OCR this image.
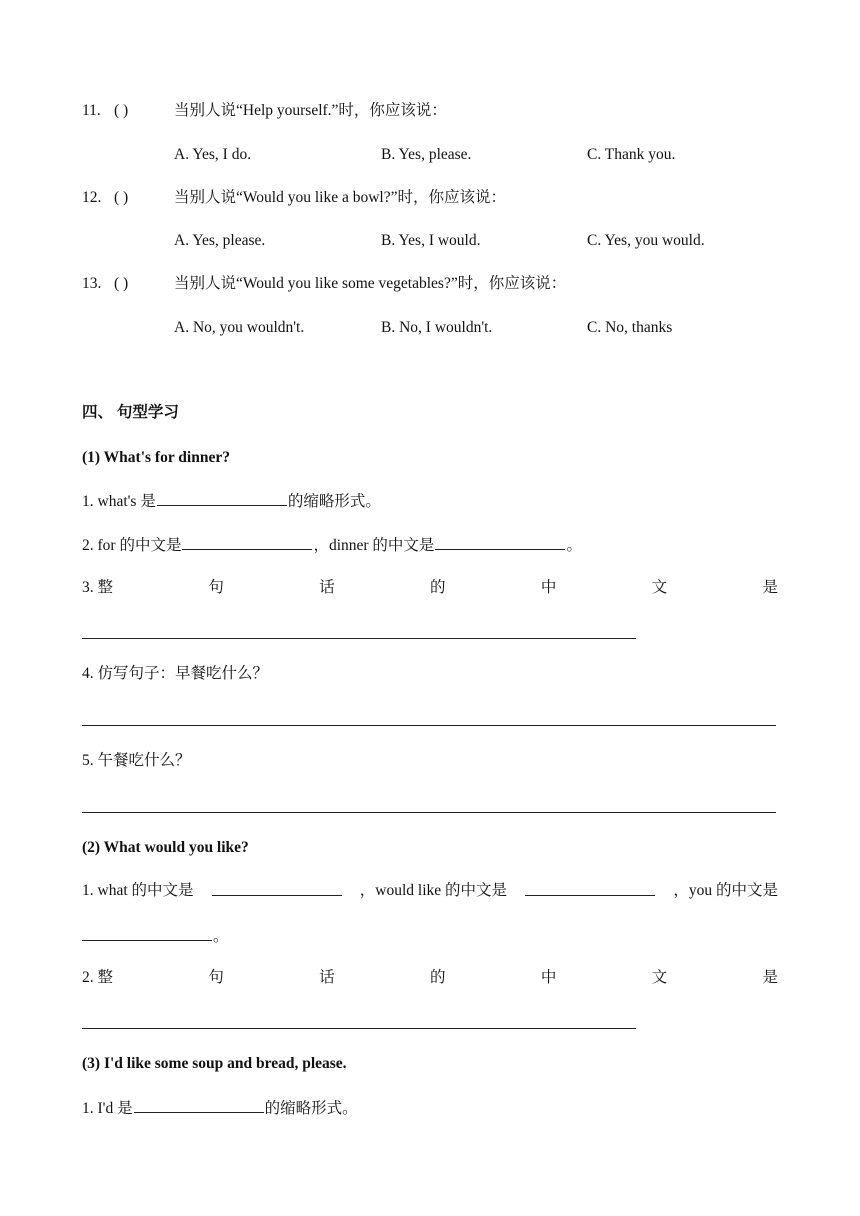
11. ( )	当别人说“Help yourself.”时，你应该说：
A. Yes, I do.	B. Yes, please.	C. Thank you.
12. ( )	当别人说“Would you like a bowl?”时，你应该说：
A. Yes, please.	B. Yes, I would.	C. Yes, you would.
13. ( )	当别人说“Would you like some vegetables?”时，你应该说：
A. No, you wouldn't.	B. No, I wouldn't.	C. No, thanks
四、 句型学习
(1) What's for dinner?
1. what's 是	的缩略形式。
2. for 的中文是	，dinner 的中文是	。
3. 整	句	话	的	中	文	是
4. 仿写句子：早餐吃什么？
5. 午餐吃什么？
(2) What would you like?
1. what 的中文是	，would like 的中文是	，you 的中文是
。
2. 整	句	话	的	中	文	是
(3) I'd like some soup and bread, please.
1. I'd 是	的缩略形式。
